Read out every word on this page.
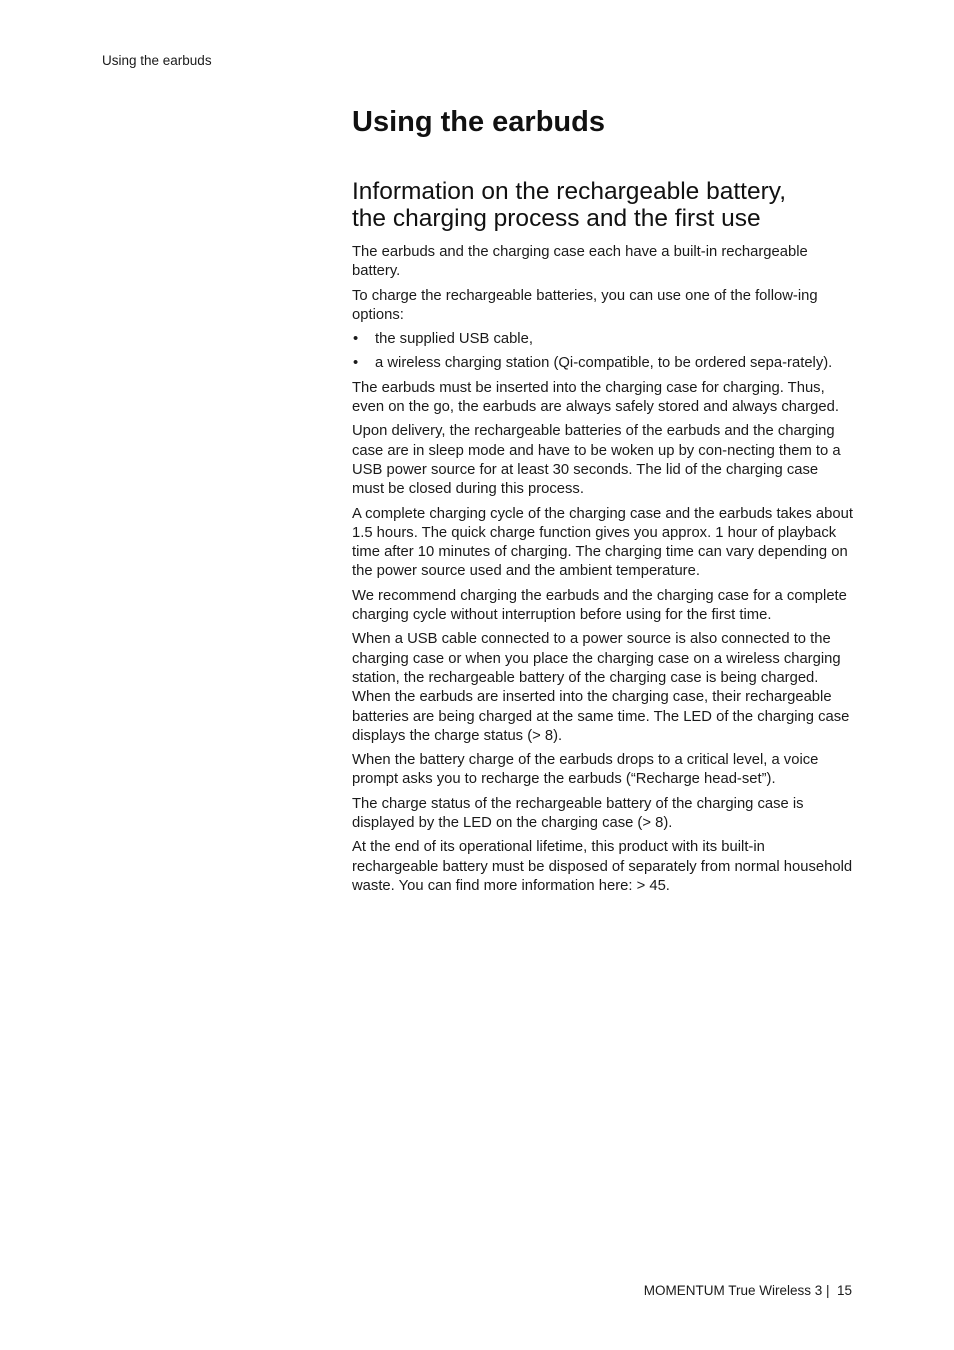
Using the earbuds
Using the earbuds
Information on the rechargeable battery,
the charging process and the first use

The earbuds and the charging case each have a built-in rechargeable battery.

To charge the rechargeable batteries, you can use one of the follow-ing options:

• the supplied USB cable,
• a wireless charging station (Qi-compatible, to be ordered sepa-rately).

The earbuds must be inserted into the charging case for charging. Thus, even on the go, the earbuds are always safely stored and always charged.

Upon delivery, the rechargeable batteries of the earbuds and the charging case are in sleep mode and have to be woken up by con-necting them to a USB power source for at least 30 seconds. The lid of the charging case must be closed during this process.

A complete charging cycle of the charging case and the earbuds takes about 1.5 hours. The quick charge function gives you approx. 1 hour of playback time after 10 minutes of charging. The charging time can vary depending on the power source used and the ambient temperature.

We recommend charging the earbuds and the charging case for a complete charging cycle without interruption before using for the first time.

When a USB cable connected to a power source is also connected to the charging case or when you place the charging case on a wireless charging station, the rechargeable battery of the charging case is being charged. When the earbuds are inserted into the charging case, their rechargeable batteries are being charged at the same time. The LED of the charging case displays the charge status (> 8).

When the battery charge of the earbuds drops to a critical level, a voice prompt asks you to recharge the earbuds (“Recharge head-set”).

The charge status of the rechargeable battery of the charging case is displayed by the LED on the charging case (> 8).

At the end of its operational lifetime, this product with its built-in rechargeable battery must be disposed of separately from normal household waste. You can find more information here: > 45.

MOMENTUM True Wireless 3 |  15
